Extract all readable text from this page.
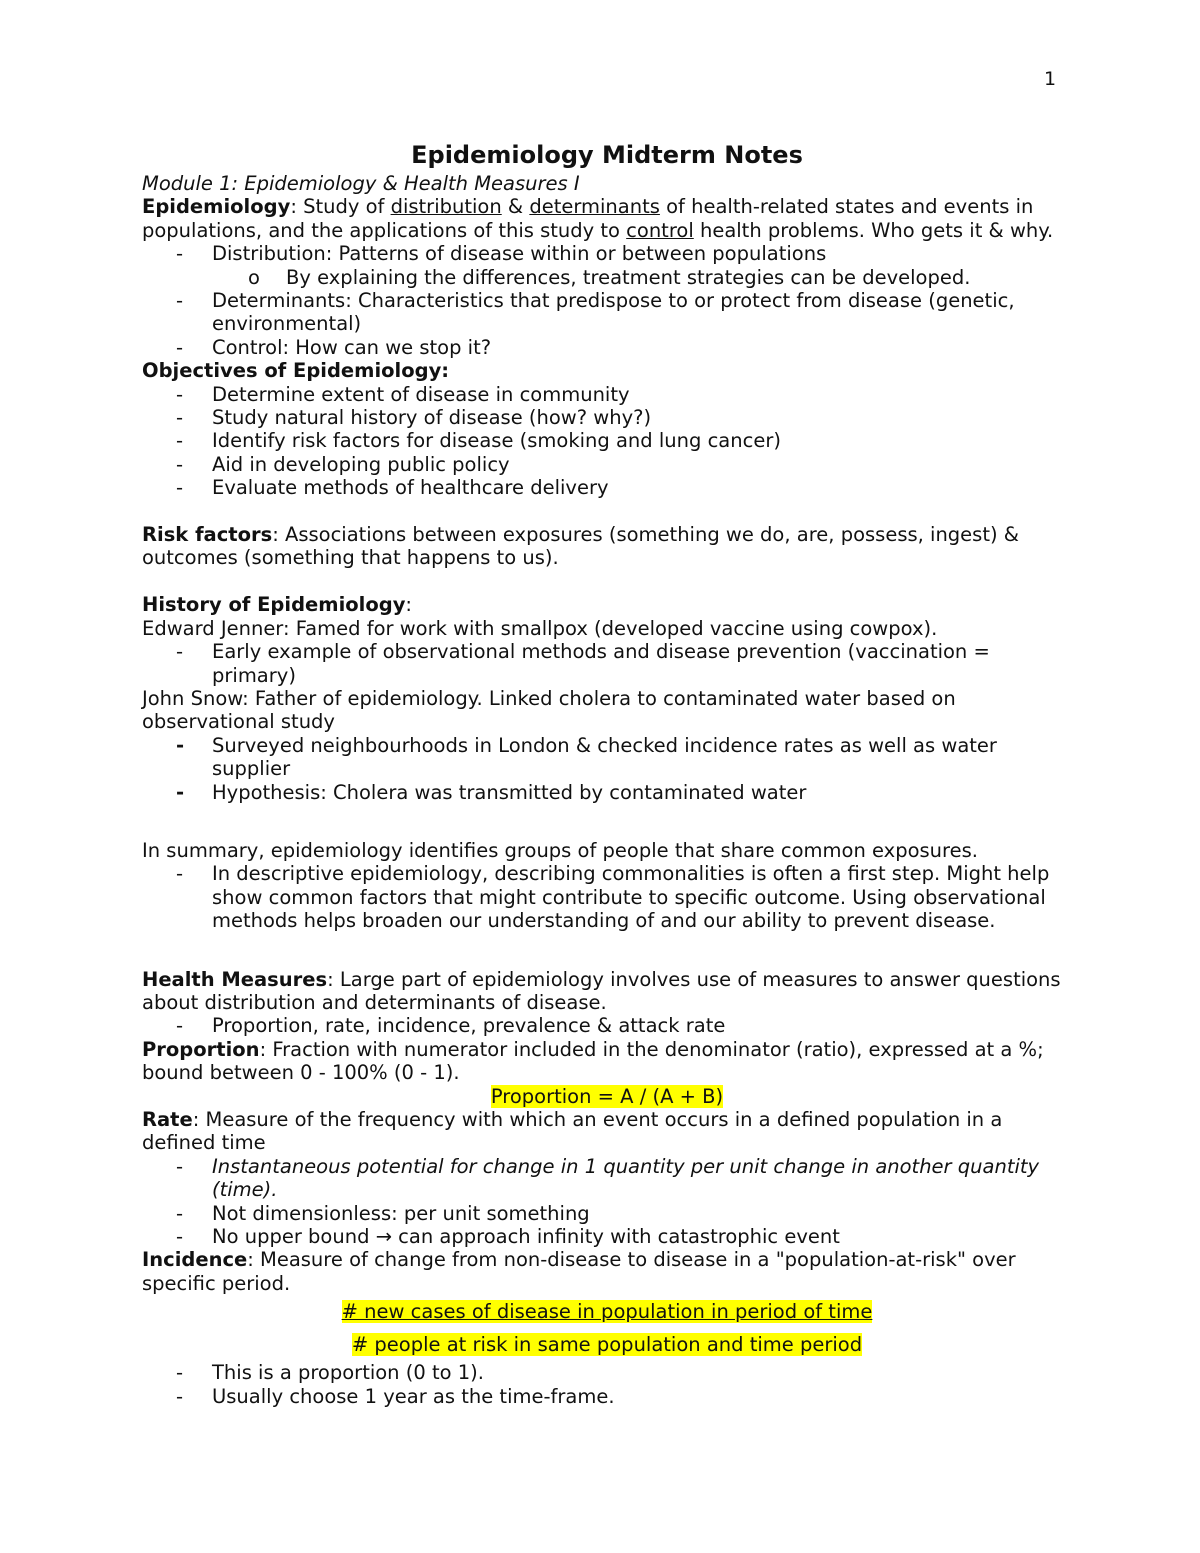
1

Epidemiology Midterm Notes

Module 1: Epidemiology & Health Measures I

Epidemiology: Study of distribution & determinants of health-related states and events in populations, and the applications of this study to control health problems. Who gets it & why.

- Distribution: Patterns of disease within or between populations

o By explaining the differences, treatment strategies can be developed.

- Determinants: Characteristics that predispose to or protect from disease (genetic, environmental)

- Control: How can we stop it?

Objectives of Epidemiology:

- Determine extent of disease in community

- Study natural history of disease (how? why?)

- Identify risk factors for disease (smoking and lung cancer)

- Aid in developing public policy

- Evaluate methods of healthcare delivery

Risk factors: Associations between exposures (something we do, are, possess, ingest) & outcomes (something that happens to us).

History of Epidemiology:

Edward Jenner: Famed for work with smallpox (developed vaccine using cowpox).

- Early example of observational methods and disease prevention (vaccination = primary)

John Snow: Father of epidemiology. Linked cholera to contaminated water based on observational study

- Surveyed neighbourhoods in London & checked incidence rates as well as water supplier

- Hypothesis: Cholera was transmitted by contaminated water

In summary, epidemiology identifies groups of people that share common exposures.

- In descriptive epidemiology, describing commonalities is often a first step. Might help show common factors that might contribute to specific outcome. Using observational methods helps broaden our understanding of and our ability to prevent disease.

Health Measures: Large part of epidemiology involves use of measures to answer questions about distribution and determinants of disease.

- Proportion, rate, incidence, prevalence & attack rate

Proportion: Fraction with numerator included in the denominator (ratio), expressed at a %; bound between 0 - 100% (0 - 1).

Proportion = A / (A + B)

Rate: Measure of the frequency with which an event occurs in a defined population in a defined time

- Instantaneous potential for change in 1 quantity per unit change in another quantity (time).

- Not dimensionless: per unit something

- No upper bound → can approach infinity with catastrophic event

Incidence: Measure of change from non-disease to disease in a "population-at-risk" over specific period.

# new cases of disease in population in period of time

# people at risk in same population and time period

- This is a proportion (0 to 1).

- Usually choose 1 year as the time-frame.
